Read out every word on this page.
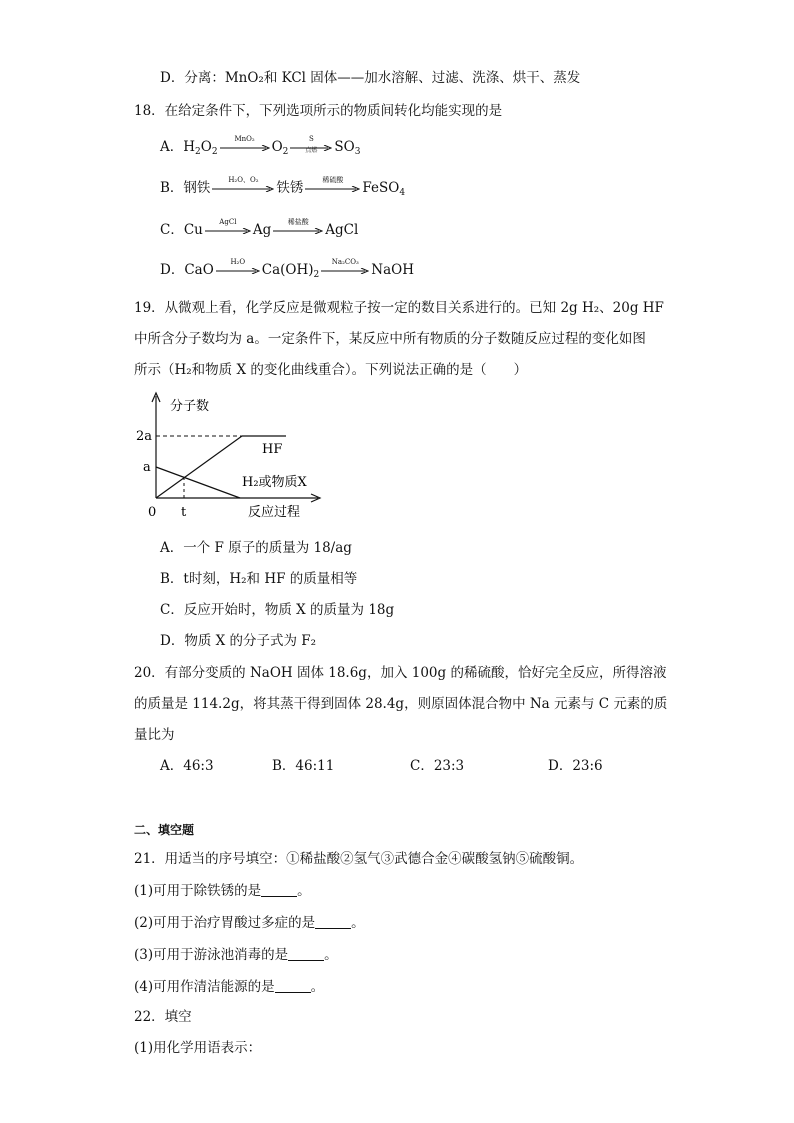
D．分离：MnO₂和 KCl 固体——加水溶解、过滤、洗涤、烘干、蒸发
18．在给定条件下，下列选项所示的物质间转化均能实现的是
A．$H_2O_2$
MnO₂
$O_2$
S
点燃	$SO_3$
B．钢铁
H₂O、O₂
铁锈
稀硫酸
FeSO$_4$
C．Cu
AgCl
Ag
稀盐酸
AgCl
D．CaO
H₂O
$Ca(OH)_2$
Na₂CO₃
NaOH
19．从微观上看，化学反应是微观粒子按一定的数目关系进行的。已知 2g H₂、20g HF
中所含分子数均为 a。一定条件下，某反应中所有物质的分子数随反应过程的变化如图
所示（H₂和物质 X 的变化曲线重合）。下列说法正确的是（　　）
分子数
2a
a
0 t	反应过程
HF
H₂或物质X
A．一个 F 原子的质量为 18/ag
B．t时刻，H₂和 HF 的质量相等
C．反应开始时，物质 X 的质量为 18g
D．物质 X 的分子式为 F₂
20．有部分变质的 NaOH 固体 18.6g，加入 100g 的稀硫酸，恰好完全反应，所得溶液
的质量是 114.2g，将其蒸干得到固体 28.4g，则原固体混合物中 Na 元素与 C 元素的质
量比为
A．46:3	B．46:11	C．23:3	D．23:6
二、填空题
21．用适当的序号填空：①稀盐酸②氢气③武德合金④碳酸氢钠⑤硫酸铜。
(1)可用于除铁锈的是	。
(2)可用于治疗胃酸过多症的是	。
(3)可用于游泳池消毒的是	。
(4)可用作清洁能源的是	。
22．填空
(1)用化学用语表示：
